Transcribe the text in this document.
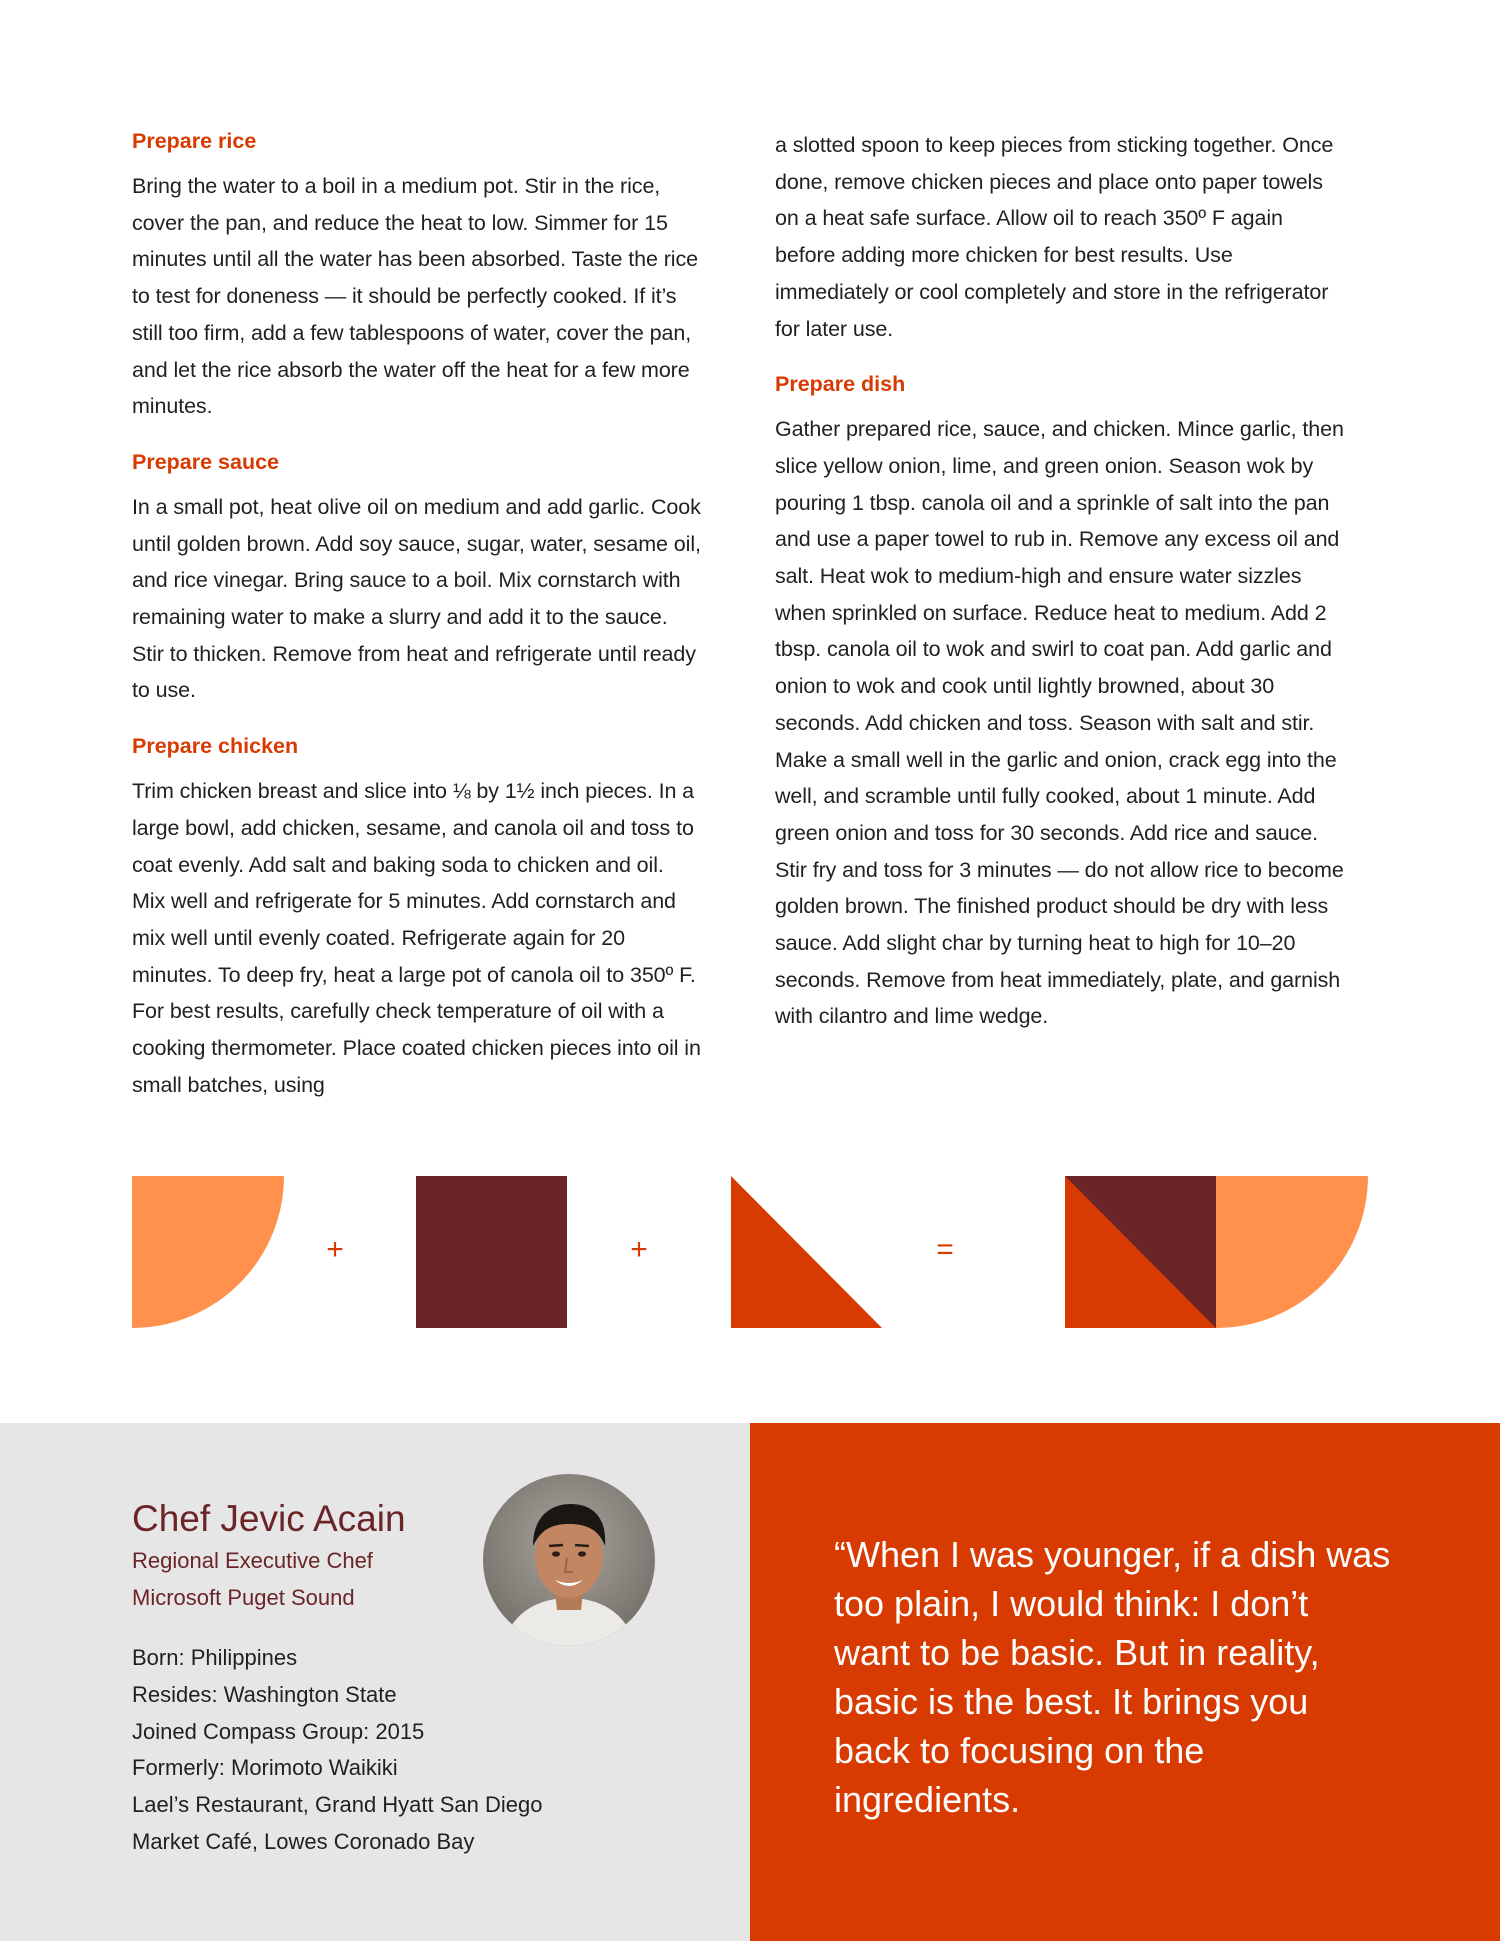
Prepare rice

Bring the water to a boil in a medium pot. Stir in the rice, cover the pan, and reduce the heat to low. Simmer for 15 minutes until all the water has been absorbed. Taste the rice to test for doneness — it should be perfectly cooked. If it’s still too firm, add a few tablespoons of water, cover the pan, and let the rice absorb the water off the heat for a few more minutes.

Prepare sauce

In a small pot, heat olive oil on medium and add garlic. Cook until golden brown. Add soy sauce, sugar, water, sesame oil, and rice vinegar. Bring sauce to a boil. Mix cornstarch with remaining water to make a slurry and add it to the sauce. Stir to thicken. Remove from heat and refrigerate until ready to use.

Prepare chicken

Trim chicken breast and slice into ⅛ by 1½ inch pieces. In a large bowl, add chicken, sesame, and canola oil and toss to coat evenly. Add salt and baking soda to chicken and oil. Mix well and refrigerate for 5 minutes. Add cornstarch and mix well until evenly coated. Refrigerate again for 20 minutes. To deep fry, heat a large pot of canola oil to 350º F. For best results, carefully check temperature of oil with a cooking thermometer. Place coated chicken pieces into oil in small batches, using

a slotted spoon to keep pieces from sticking together. Once done, remove chicken pieces and place onto paper towels on a heat safe surface. Allow oil to reach 350º F again before adding more chicken for best results. Use immediately or cool completely and store in the refrigerator for later use.

Prepare dish

Gather prepared rice, sauce, and chicken. Mince garlic, then slice yellow onion, lime, and green onion. Season wok by pouring 1 tbsp. canola oil and a sprinkle of salt into the pan and use a paper towel to rub in. Remove any excess oil and salt. Heat wok to medium-high and ensure water sizzles when sprinkled on surface. Reduce heat to medium. Add 2 tbsp. canola oil to wok and swirl to coat pan. Add garlic and onion to wok and cook until lightly browned, about 30 seconds. Add chicken and toss. Season with salt and stir. Make a small well in the garlic and onion, crack egg into the well, and scramble until fully cooked, about 1 minute. Add green onion and toss for 30 seconds. Add rice and sauce. Stir fry and toss for 3 minutes — do not allow rice to become golden brown. The finished product should be dry with less sauce. Add slight char by turning heat to high for 10–20 seconds. Remove from heat immediately, plate, and garnish with cilantro and lime wedge.

+	+	=
Chef Jevic Acain
Regional Executive Chef
Microsoft Puget Sound
Born: Philippines
Resides: Washington State
Joined Compass Group: 2015
Formerly: Morimoto Waikiki
Lael’s Restaurant, Grand Hyatt San Diego
Market Café, Lowes Coronado Bay

“When I was younger, if a dish was too plain, I would think: I don’t want to be basic. But in reality, basic is the best. It brings you back to focusing on the ingredients.
